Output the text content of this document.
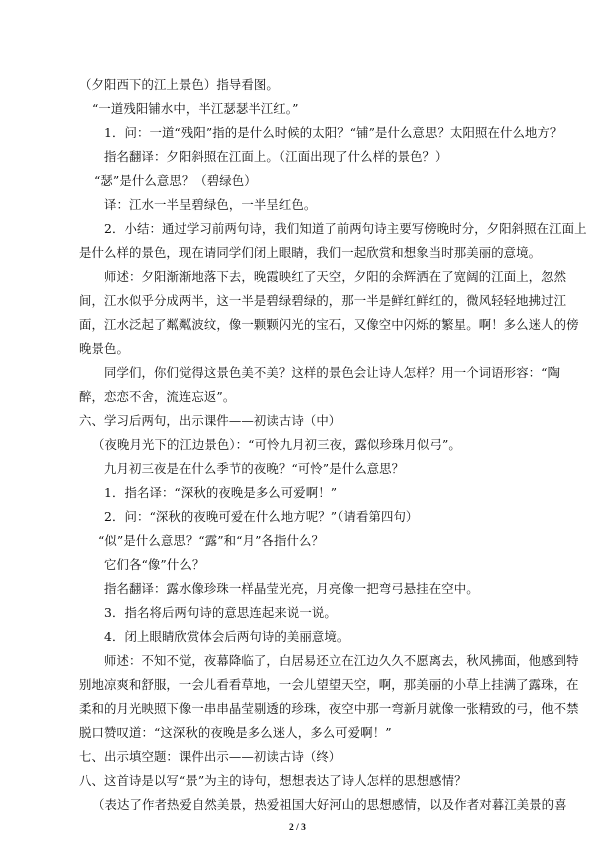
（夕阳西下的江上景色）指导看图。
“一道残阳铺水中，半江瑟瑟半江红。”
1．问：一道“残阳”指的是什么时候的太阳？“铺”是什么意思？太阳照在什么地方？
指名翻译：夕阳斜照在江面上。（江面出现了什么样的景色？）
“瑟”是什么意思？（碧绿色）
译：江水一半呈碧绿色，一半呈红色。
2．小结：通过学习前两句诗，我们知道了前两句诗主要写傍晚时分，夕阳斜照在江面上
是什么样的景色，现在请同学们闭上眼睛，我们一起欣赏和想象当时那美丽的意境。
师述：夕阳渐渐地落下去，晚霞映红了天空，夕阳的余辉洒在了宽阔的江面上，忽然
间，江水似乎分成两半，这一半是碧绿碧绿的，那一半是鲜红鲜红的，微风轻轻地拂过江
面，江水泛起了粼粼波纹，像一颗颗闪光的宝石，又像空中闪烁的繁星。啊！多么迷人的傍
晚景色。
同学们，你们觉得这景色美不美？这样的景色会让诗人怎样？用一个词语形容：“陶
醉，恋恋不舍，流连忘返”。
六、学习后两句，出示课件——初读古诗（中）
（夜晚月光下的江边景色）：“可怜九月初三夜，露似珍珠月似弓”。
九月初三夜是在什么季节的夜晚？“可怜”是什么意思？
1．指名译：“深秋的夜晚是多么可爱啊！”
2．问：“深秋的夜晚可爱在什么地方呢？”（请看第四句）
“似”是什么意思？“露”和“月”各指什么？
它们各“像”什么？
指名翻译：露水像珍珠一样晶莹光亮，月亮像一把弯弓悬挂在空中。
3．指名将后两句诗的意思连起来说一说。
4．闭上眼睛欣赏体会后两句诗的美丽意境。
师述：不知不觉，夜幕降临了，白居易还立在江边久久不愿离去，秋风拂面，他感到特
别地凉爽和舒服，一会儿看看草地，一会儿望望天空，啊，那美丽的小草上挂满了露珠，在
柔和的月光映照下像一串串晶莹剔透的珍珠，夜空中那一弯新月就像一张精致的弓，他不禁
脱口赞叹道：“这深秋的夜晚是多么迷人，多么可爱啊！”
七、出示填空题：课件出示——初读古诗（终）
八、这首诗是以写“景”为主的诗句，想想表达了诗人怎样的思想感情？
（表达了作者热爱自然美景，热爱祖国大好河山的思想感情，以及作者对暮江美景的喜
2 / 3
